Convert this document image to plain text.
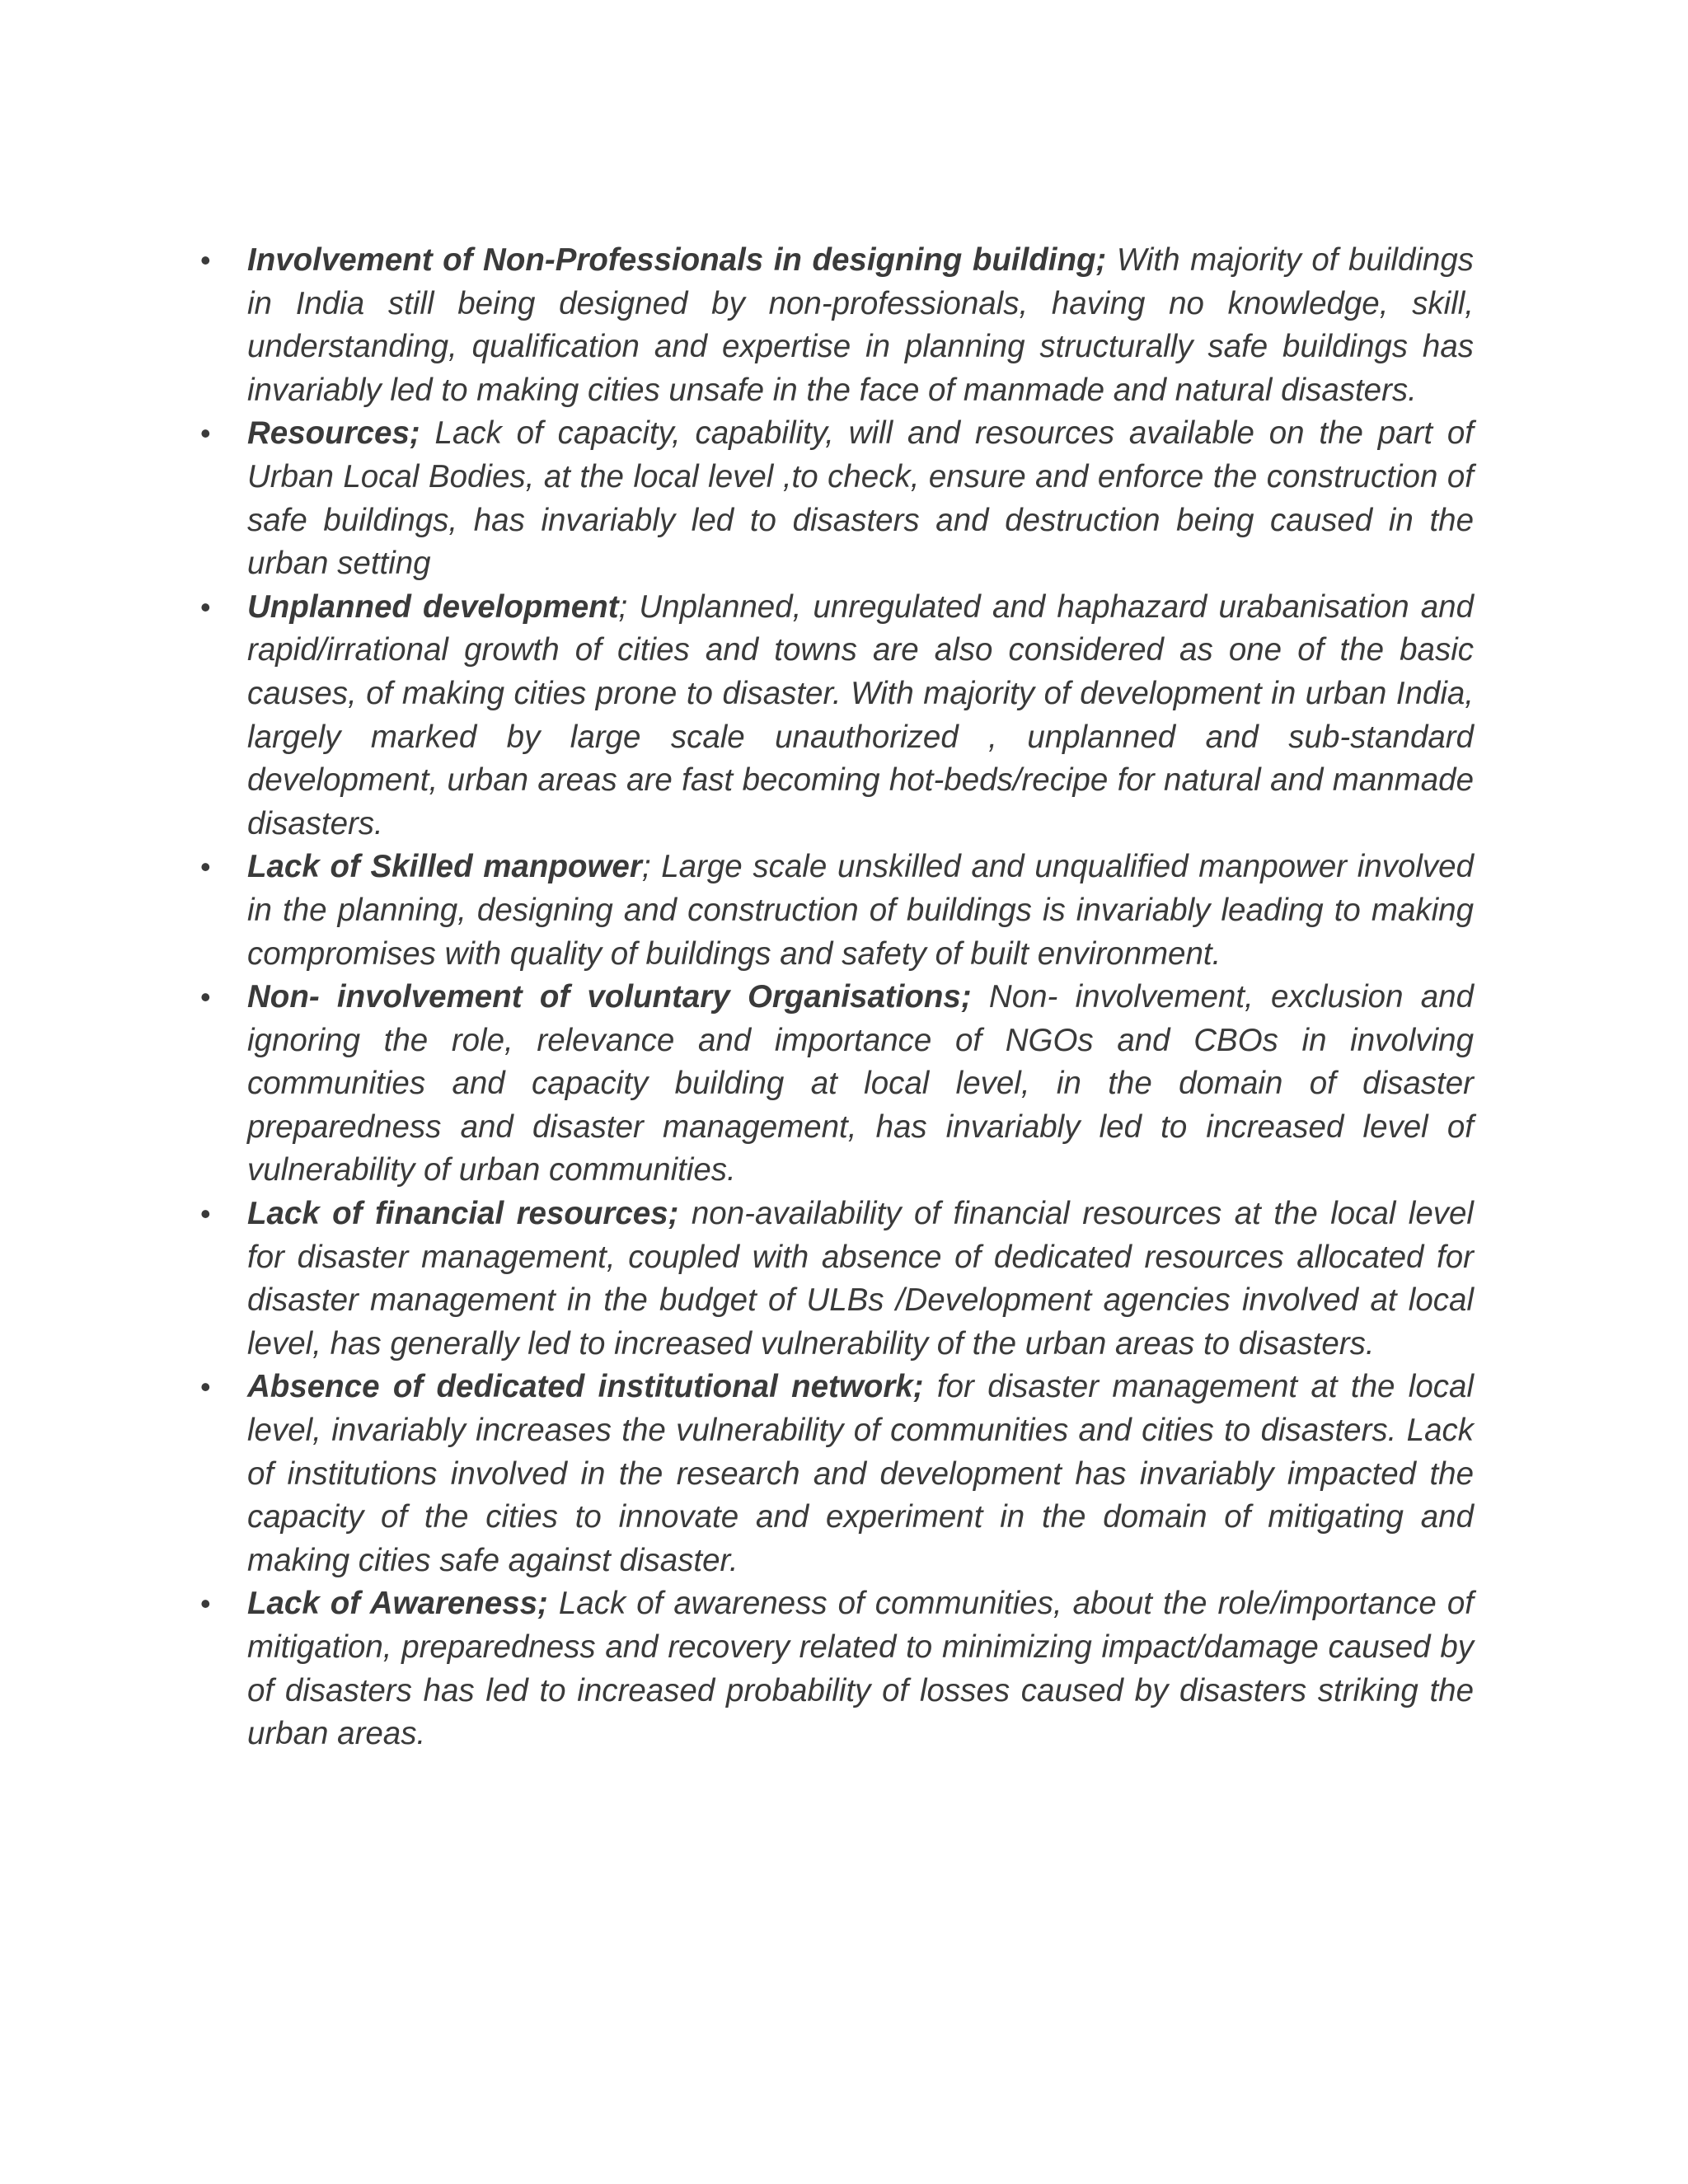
• Involvement of Non-Professionals in designing building; With majority of buildings in India still being designed by non-professionals, having no knowledge, skill, understanding, qualification and expertise in planning structurally safe buildings has invariably led to making cities unsafe in the face of manmade and natural disasters.
• Resources; Lack of capacity, capability, will and resources available on the part of Urban Local Bodies, at the local level ,to check, ensure and enforce the construction of safe buildings, has invariably led to disasters and destruction being caused in the urban setting
• Unplanned development; Unplanned, unregulated and haphazard urabanisation and rapid/irrational growth of cities and towns are also considered as one of the basic causes, of making cities prone to disaster. With majority of development in urban India, largely marked by large scale unauthorized , unplanned and sub-standard development, urban areas are fast becoming hot-beds/recipe for natural and manmade disasters.
• Lack of Skilled manpower; Large scale unskilled and unqualified manpower involved in the planning, designing and construction of buildings is invariably leading to making compromises with quality of buildings and safety of built environment.
• Non- involvement of voluntary Organisations; Non- involvement, exclusion and ignoring the role, relevance and importance of NGOs and CBOs in involving communities and capacity building at local level, in the domain of disaster preparedness and disaster management, has invariably led to increased level of vulnerability of urban communities.
• Lack of financial resources; non-availability of financial resources at the local level for disaster management, coupled with absence of dedicated resources allocated for disaster management in the budget of ULBs /Development agencies involved at local level, has generally led to increased vulnerability of the urban areas to disasters.
• Absence of dedicated institutional network; for disaster management at the local level, invariably increases the vulnerability of communities and cities to disasters. Lack of institutions involved in the research and development has invariably impacted the capacity of the cities to innovate and experiment in the domain of mitigating and making cities safe against disaster.
• Lack of Awareness; Lack of awareness of communities, about the role/importance of mitigation, preparedness and recovery related to minimizing impact/damage caused by of disasters has led to increased probability of losses caused by disasters striking the urban areas.
